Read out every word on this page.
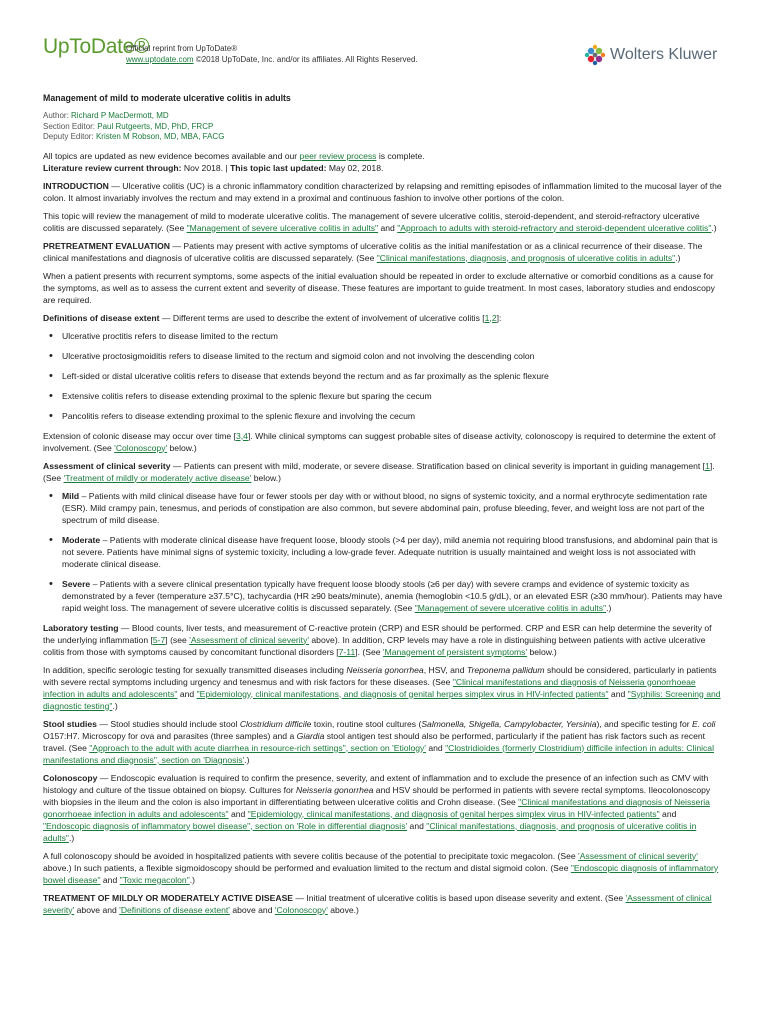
UpToDate®
Official reprint from UpToDate®
www.uptodate.com ©2018 UpToDate, Inc. and/or its affiliates. All Rights Reserved.	Wolters Kluwer
Management of mild to moderate ulcerative colitis in adults
Author: Richard P MacDermott, MD
Section Editor: Paul Rutgeerts, MD, PhD, FRCP
Deputy Editor: Kristen M Robson, MD, MBA, FACG

All topics are updated as new evidence becomes available and our peer review process is complete.
Literature review current through: Nov 2018. | This topic last updated: May 02, 2018.

INTRODUCTION — Ulcerative colitis (UC) is a chronic inflammatory condition characterized by relapsing and remitting episodes of inflammation limited to the mucosal layer of the colon. It almost invariably involves the rectum and may extend in a proximal and continuous fashion to involve other portions of the colon.

This topic will review the management of mild to moderate ulcerative colitis. The management of severe ulcerative colitis, steroid-dependent, and steroid-refractory ulcerative colitis are discussed separately. (See "Management of severe ulcerative colitis in adults" and "Approach to adults with steroid-refractory and steroid-dependent ulcerative colitis".)

PRETREATMENT EVALUATION — Patients may present with active symptoms of ulcerative colitis as the initial manifestation or as a clinical recurrence of their disease. The clinical manifestations and diagnosis of ulcerative colitis are discussed separately. (See "Clinical manifestations, diagnosis, and prognosis of ulcerative colitis in adults".)

When a patient presents with recurrent symptoms, some aspects of the initial evaluation should be repeated in order to exclude alternative or comorbid conditions as a cause for the symptoms, as well as to assess the current extent and severity of disease. These features are important to guide treatment. In most cases, laboratory studies and endoscopy are required.

Definitions of disease extent — Different terms are used to describe the extent of involvement of ulcerative colitis [1,2]:

• Ulcerative proctitis refers to disease limited to the rectum
• Ulcerative proctosigmoiditis refers to disease limited to the rectum and sigmoid colon and not involving the descending colon
• Left-sided or distal ulcerative colitis refers to disease that extends beyond the rectum and as far proximally as the splenic flexure
• Extensive colitis refers to disease extending proximal to the splenic flexure but sparing the cecum
• Pancolitis refers to disease extending proximal to the splenic flexure and involving the cecum

Extension of colonic disease may occur over time [3,4]. While clinical symptoms can suggest probable sites of disease activity, colonoscopy is required to determine the extent of involvement. (See 'Colonoscopy' below.)

Assessment of clinical severity — Patients can present with mild, moderate, or severe disease. Stratification based on clinical severity is important in guiding management [1]. (See 'Treatment of mildly or moderately active disease' below.)

• Mild – Patients with mild clinical disease have four or fewer stools per day with or without blood, no signs of systemic toxicity, and a normal erythrocyte sedimentation rate (ESR). Mild crampy pain, tenesmus, and periods of constipation are also common, but severe abdominal pain, profuse bleeding, fever, and weight loss are not part of the spectrum of mild disease.
• Moderate – Patients with moderate clinical disease have frequent loose, bloody stools (>4 per day), mild anemia not requiring blood transfusions, and abdominal pain that is not severe. Patients have minimal signs of systemic toxicity, including a low-grade fever. Adequate nutrition is usually maintained and weight loss is not associated with moderate clinical disease.
• Severe – Patients with a severe clinical presentation typically have frequent loose bloody stools (≥6 per day) with severe cramps and evidence of systemic toxicity as demonstrated by a fever (temperature ≥37.5°C), tachycardia (HR ≥90 beats/minute), anemia (hemoglobin <10.5 g/dL), or an elevated ESR (≥30 mm/hour). Patients may have rapid weight loss. The management of severe ulcerative colitis is discussed separately. (See "Management of severe ulcerative colitis in adults".)

Laboratory testing — Blood counts, liver tests, and measurement of C-reactive protein (CRP) and ESR should be performed. CRP and ESR can help determine the severity of the underlying inflammation [5-7] (see 'Assessment of clinical severity' above). In addition, CRP levels may have a role in distinguishing between patients with active ulcerative colitis from those with symptoms caused by concomitant functional disorders [7-11]. (See 'Management of persistent symptoms' below.)

In addition, specific serologic testing for sexually transmitted diseases including Neisseria gonorrhea, HSV, and Treponema pallidum should be considered, particularly in patients with severe rectal symptoms including urgency and tenesmus and with risk factors for these diseases. (See "Clinical manifestations and diagnosis of Neisseria gonorrhoeae infection in adults and adolescents" and "Epidemiology, clinical manifestations, and diagnosis of genital herpes simplex virus in HIV-infected patients" and "Syphilis: Screening and diagnostic testing".)

Stool studies — Stool studies should include stool Clostridium difficile toxin, routine stool cultures (Salmonella, Shigella, Campylobacter, Yersinia), and specific testing for E. coli O157:H7. Microscopy for ova and parasites (three samples) and a Giardia stool antigen test should also be performed, particularly if the patient has risk factors such as recent travel. (See "Approach to the adult with acute diarrhea in resource-rich settings", section on 'Etiology' and "Clostridioides (formerly Clostridium) difficile infection in adults: Clinical manifestations and diagnosis", section on 'Diagnosis'.)

Colonoscopy — Endoscopic evaluation is required to confirm the presence, severity, and extent of inflammation and to exclude the presence of an infection such as CMV with histology and culture of the tissue obtained on biopsy. Cultures for Neisseria gonorrhea and HSV should be performed in patients with severe rectal symptoms. Ileocolonoscopy with biopsies in the ileum and the colon is also important in differentiating between ulcerative colitis and Crohn disease. (See "Clinical manifestations and diagnosis of Neisseria gonorrhoeae infection in adults and adolescents" and "Epidemiology, clinical manifestations, and diagnosis of genital herpes simplex virus in HIV-infected patients" and "Endoscopic diagnosis of inflammatory bowel disease", section on 'Role in differential diagnosis' and "Clinical manifestations, diagnosis, and prognosis of ulcerative colitis in adults".)

A full colonoscopy should be avoided in hospitalized patients with severe colitis because of the potential to precipitate toxic megacolon. (See 'Assessment of clinical severity' above.) In such patients, a flexible sigmoidoscopy should be performed and evaluation limited to the rectum and distal sigmoid colon. (See "Endoscopic diagnosis of inflammatory bowel disease" and "Toxic megacolon".)

TREATMENT OF MILDLY OR MODERATELY ACTIVE DISEASE — Initial treatment of ulcerative colitis is based upon disease severity and extent. (See 'Assessment of clinical severity' above and 'Definitions of disease extent' above and 'Colonoscopy' above.)
